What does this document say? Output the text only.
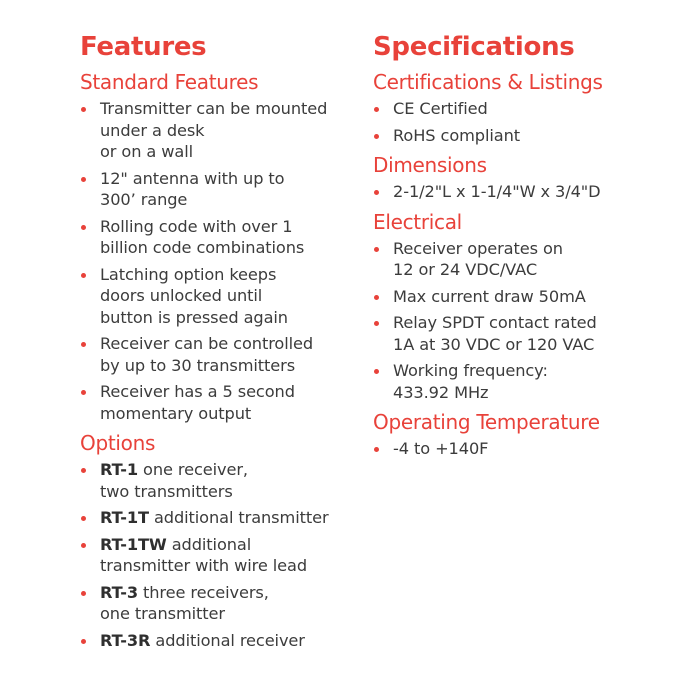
Features
Standard Features
Transmitter can be mounted
under a desk
or on a wall
12" antenna with up to
300’ range
Rolling code with over 1
billion code combinations
Latching option keeps
doors unlocked until
button is pressed again
Receiver can be controlled
by up to 30 transmitters
Receiver has a 5 second
momentary output
Options
RT-1 one receiver,
two transmitters
RT-1T additional transmitter
RT-1TW additional
transmitter with wire lead
RT-3 three receivers,
one transmitter
RT-3R additional receiver
Specifications
Certifications & Listings
CE Certified
RoHS compliant
Dimensions
2-1/2"L x 1-1/4"W x 3/4"D
Electrical
Receiver operates on
12 or 24 VDC/VAC
Max current draw 50mA
Relay SPDT contact rated
1A at 30 VDC or 120 VAC
Working frequency:
433.92 MHz
Operating Temperature
-4 to +140F
